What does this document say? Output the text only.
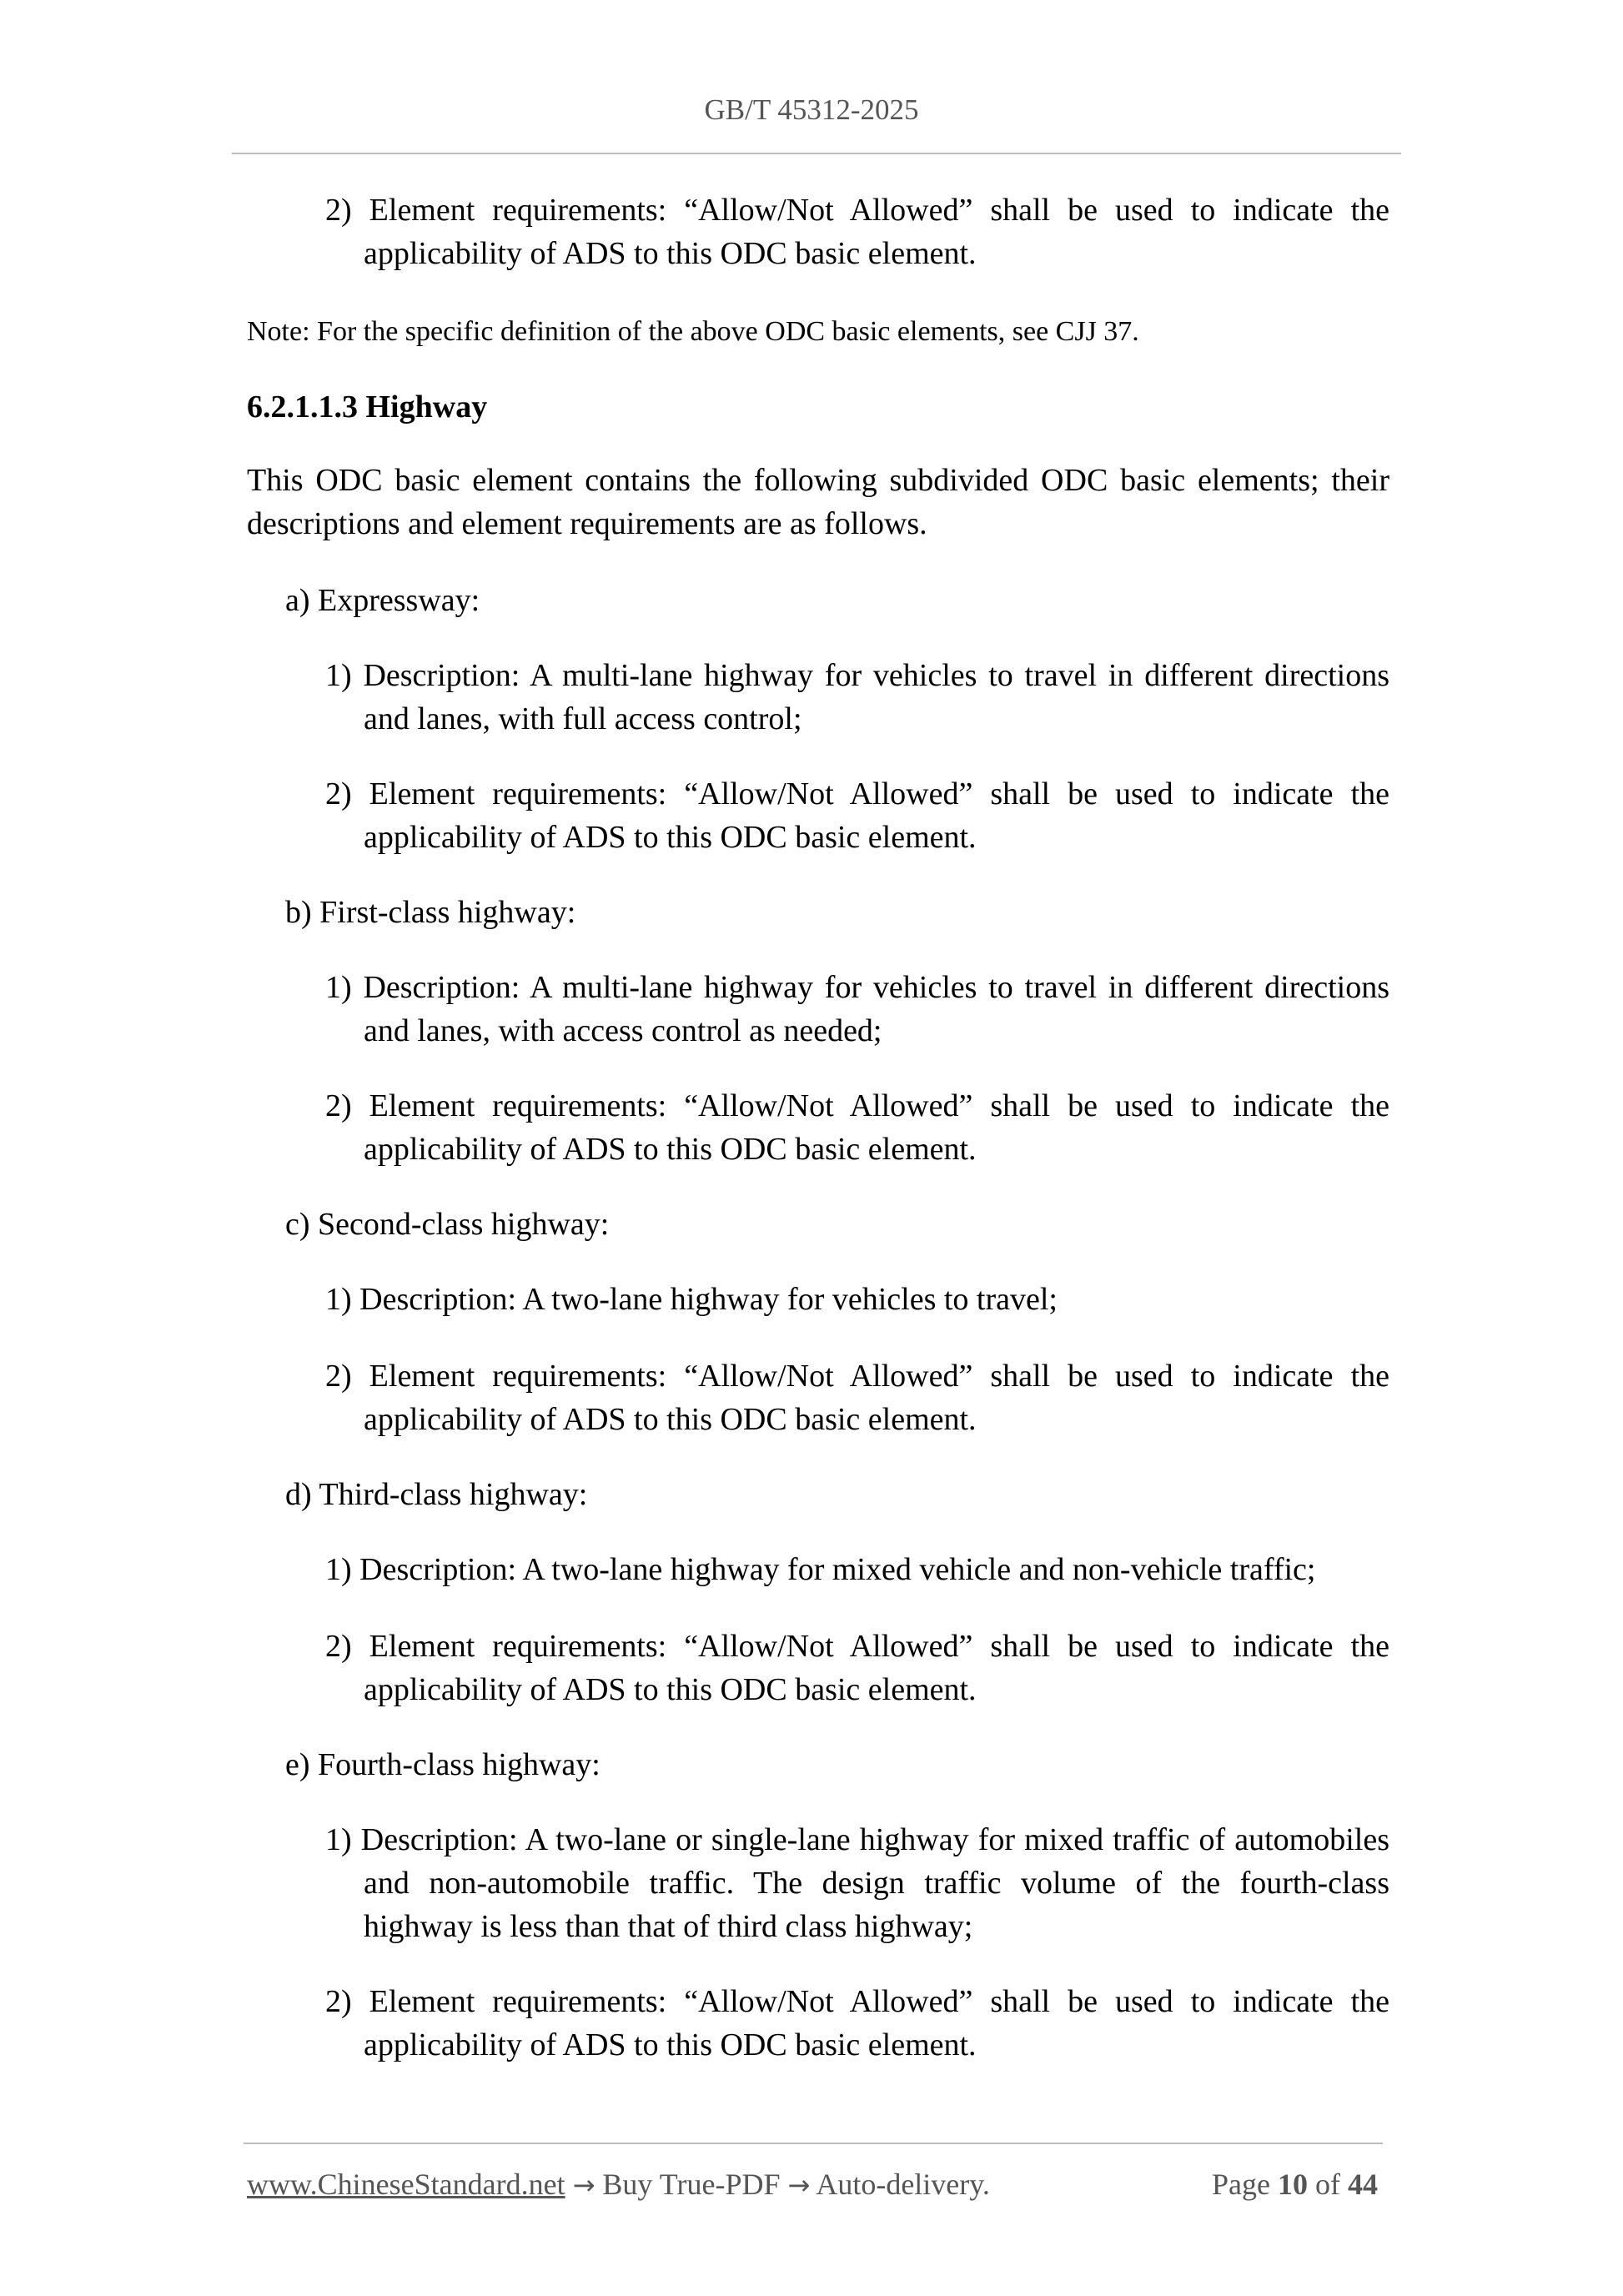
GB/T 45312-2025
2) Element requirements: “Allow/Not Allowed” shall be used to indicate the applicability of ADS to this ODC basic element.
Note: For the specific definition of the above ODC basic elements, see CJJ 37.
6.2.1.1.3 Highway
This ODC basic element contains the following subdivided ODC basic elements; their descriptions and element requirements are as follows.
a) Expressway:
1) Description: A multi-lane highway for vehicles to travel in different directions and lanes, with full access control;
2) Element requirements: “Allow/Not Allowed” shall be used to indicate the applicability of ADS to this ODC basic element.
b) First-class highway:
1) Description: A multi-lane highway for vehicles to travel in different directions and lanes, with access control as needed;
2) Element requirements: “Allow/Not Allowed” shall be used to indicate the applicability of ADS to this ODC basic element.
c) Second-class highway:
1) Description: A two-lane highway for vehicles to travel;
2) Element requirements: “Allow/Not Allowed” shall be used to indicate the applicability of ADS to this ODC basic element.
d) Third-class highway:
1) Description: A two-lane highway for mixed vehicle and non-vehicle traffic;
2) Element requirements: “Allow/Not Allowed” shall be used to indicate the applicability of ADS to this ODC basic element.
e) Fourth-class highway:
1) Description: A two-lane or single-lane highway for mixed traffic of automobiles and non-automobile traffic. The design traffic volume of the fourth-class highway is less than that of third class highway;
2) Element requirements: “Allow/Not Allowed” shall be used to indicate the applicability of ADS to this ODC basic element.
www.ChineseStandard.net → Buy True-PDF → Auto-delivery.	Page 10 of 44
